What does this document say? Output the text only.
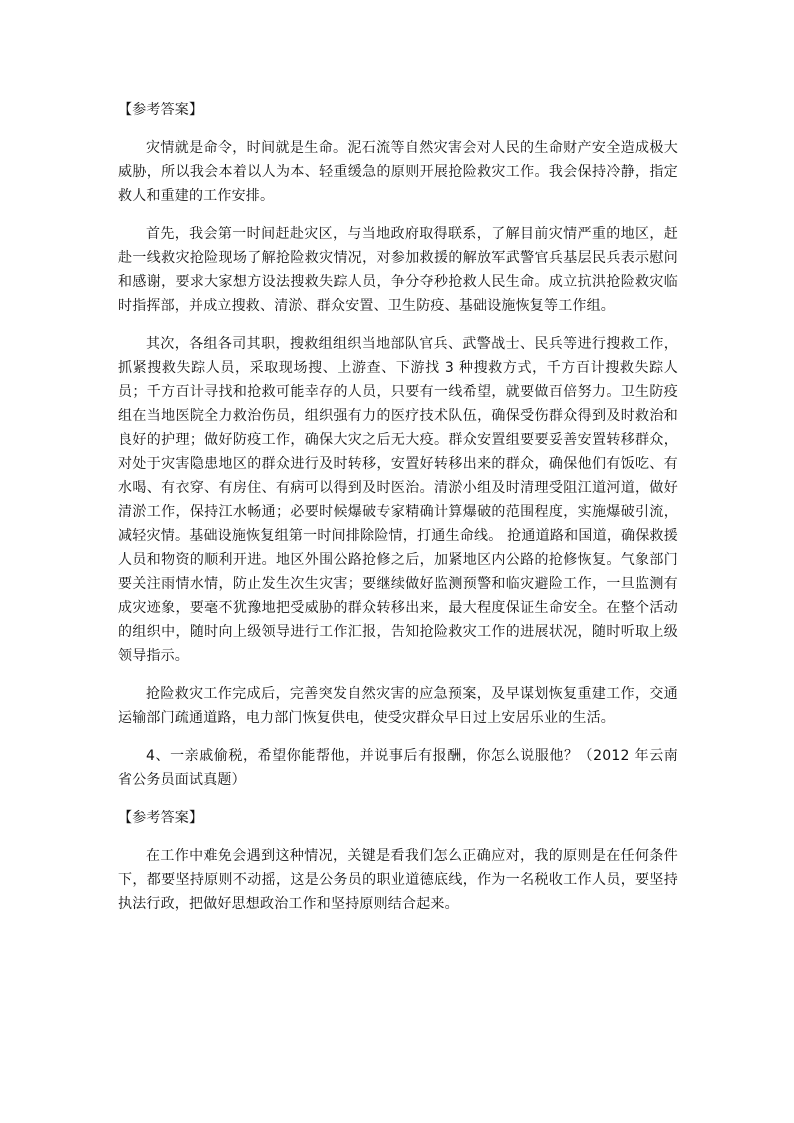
【参考答案】

灾情就是命令，时间就是生命。泥石流等自然灾害会对人民的生命财产安全造成极大威胁，所以我会本着以人为本、轻重缓急的原则开展抢险救灾工作。我会保持冷静，指定救人和重建的工作安排。

首先，我会第一时间赶赴灾区，与当地政府取得联系，了解目前灾情严重的地区，赶赴一线救灾抢险现场了解抢险救灾情况，对参加救援的解放军武警官兵基层民兵表示慰问和感谢，要求大家想方设法搜救失踪人员，争分夺秒抢救人民生命。成立抗洪抢险救灾临时指挥部，并成立搜救、清淤、群众安置、卫生防疫、基础设施恢复等工作组。

其次，各组各司其职，搜救组组织当地部队官兵、武警战士、民兵等进行搜救工作，抓紧搜救失踪人员，采取现场搜、上游查、下游找 3 种搜救方式，千方百计搜救失踪人员；千方百计寻找和抢救可能幸存的人员，只要有一线希望，就要做百倍努力。卫生防疫组在当地医院全力救治伤员，组织强有力的医疗技术队伍，确保受伤群众得到及时救治和良好的护理；做好防疫工作，确保大灾之后无大疫。群众安置组要要妥善安置转移群众，对处于灾害隐患地区的群众进行及时转移，安置好转移出来的群众，确保他们有饭吃、有水喝、有衣穿、有房住、有病可以得到及时医治。清淤小组及时清理受阻江道河道，做好清淤工作，保持江水畅通；必要时候爆破专家精确计算爆破的范围程度，实施爆破引流，减轻灾情。基础设施恢复组第一时间排除险情，打通生命线。 抢通道路和国道，确保救援人员和物资的顺利开进。地区外围公路抢修之后，加紧地区内公路的抢修恢复。气象部门要关注雨情水情，防止发生次生灾害；要继续做好监测预警和临灾避险工作，一旦监测有成灾迹象，要毫不犹豫地把受威胁的群众转移出来，最大程度保证生命安全。在整个活动的组织中，随时向上级领导进行工作汇报，告知抢险救灾工作的进展状况，随时听取上级领导指示。

抢险救灾工作完成后，完善突发自然灾害的应急预案，及早谋划恢复重建工作，交通运输部门疏通道路，电力部门恢复供电，使受灾群众早日过上安居乐业的生活。

4、一亲戚偷税，希望你能帮他，并说事后有报酬，你怎么说服他？（2012 年云南省公务员面试真题）

【参考答案】

在工作中难免会遇到这种情况，关键是看我们怎么正确应对，我的原则是在任何条件下，都要坚持原则不动摇，这是公务员的职业道德底线，作为一名税收工作人员，要坚持执法行政，把做好思想政治工作和坚持原则结合起来。
